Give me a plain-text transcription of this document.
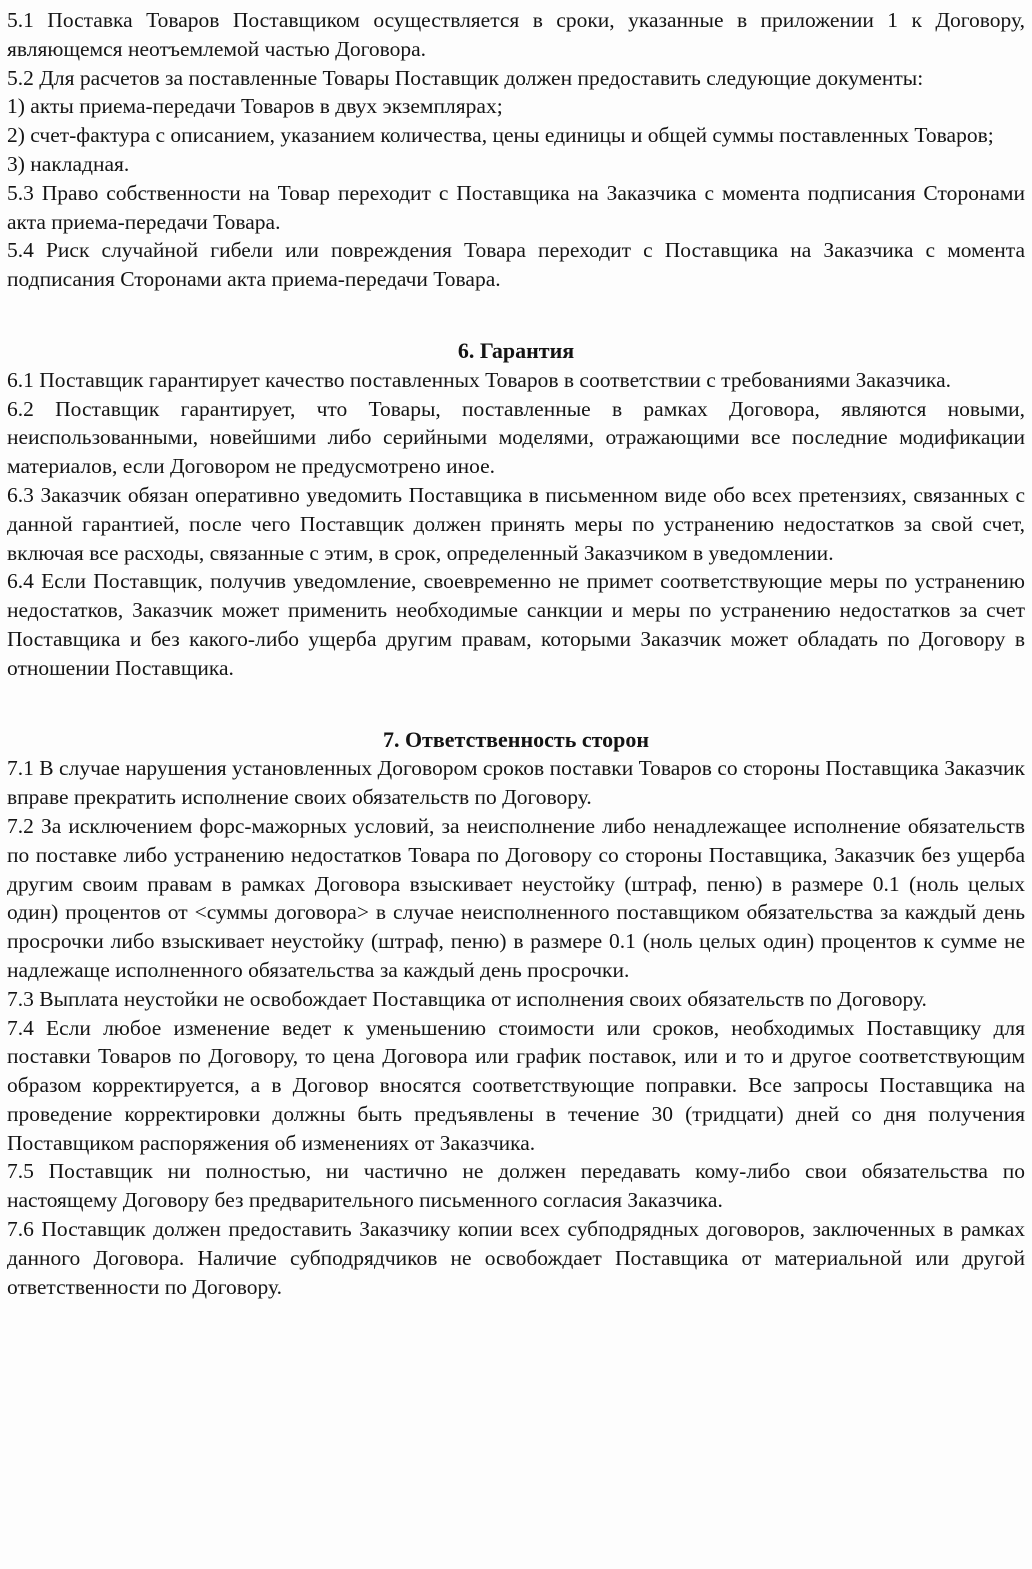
5.1 Поставка Товаров Поставщиком осуществляется в сроки, указанные в приложении 1 к Договору, являющемся неотъемлемой частью Договора.

5.2 Для расчетов за поставленные Товары Поставщик должен предоставить следующие документы:

1) акты приема-передачи Товаров в двух экземплярах;

2) счет-фактура с описанием, указанием количества, цены единицы и общей суммы поставленных Товаров;

3) накладная.

5.3 Право собственности на Товар переходит с Поставщика на Заказчика с момента подписания Сторонами акта приема-передачи Товара.

5.4 Риск случайной гибели или повреждения Товара переходит с Поставщика на Заказчика с момента подписания Сторонами акта приема-передачи Товара.

6. Гарантия

6.1 Поставщик гарантирует качество поставленных Товаров в соответствии с требованиями Заказчика.

6.2 Поставщик гарантирует, что Товары, поставленные в рамках Договора, являются новыми, неиспользованными, новейшими либо серийными моделями, отражающими все последние модификации материалов, если Договором не предусмотрено иное.

6.3 Заказчик обязан оперативно уведомить Поставщика в письменном виде обо всех претензиях, связанных с данной гарантией, после чего Поставщик должен принять меры по устранению недостатков за свой счет, включая все расходы, связанные с этим, в срок, определенный Заказчиком в уведомлении.

6.4 Если Поставщик, получив уведомление, своевременно не примет соответствующие меры по устранению недостатков, Заказчик может применить необходимые санкции и меры по устранению недостатков за счет Поставщика и без какого-либо ущерба другим правам, которыми Заказчик может обладать по Договору в отношении Поставщика.

7. Ответственность сторон

7.1 В случае нарушения установленных Договором сроков поставки Товаров со стороны Поставщика Заказчик вправе прекратить исполнение своих обязательств по Договору.

7.2 За исключением форс-мажорных условий, за неисполнение либо ненадлежащее исполнение обязательств по поставке либо устранению недостатков Товара по Договору со стороны Поставщика, Заказчик без ущерба другим своим правам в рамках Договора взыскивает неустойку (штраф, пеню) в размере 0.1 (ноль целых один) процентов от <суммы договора> в случае неисполненного поставщиком обязательства за каждый день просрочки либо взыскивает неустойку (штраф, пеню) в размере 0.1 (ноль целых один) процентов к сумме не надлежаще исполненного обязательства за каждый день просрочки.

7.3 Выплата неустойки не освобождает Поставщика от исполнения своих обязательств по Договору.

7.4 Если любое изменение ведет к уменьшению стоимости или сроков, необходимых Поставщику для поставки Товаров по Договору, то цена Договора или график поставок, или и то и другое соответствующим образом корректируется, а в Договор вносятся соответствующие поправки. Все запросы Поставщика на проведение корректировки должны быть предъявлены в течение 30 (тридцати) дней со дня получения Поставщиком распоряжения об изменениях от Заказчика.

7.5 Поставщик ни полностью, ни частично не должен передавать кому-либо свои обязательства по настоящему Договору без предварительного письменного согласия Заказчика.

7.6 Поставщик должен предоставить Заказчику копии всех субподрядных договоров, заключенных в рамках данного Договора. Наличие субподрядчиков не освобождает Поставщика от материальной или другой ответственности по Договору.
